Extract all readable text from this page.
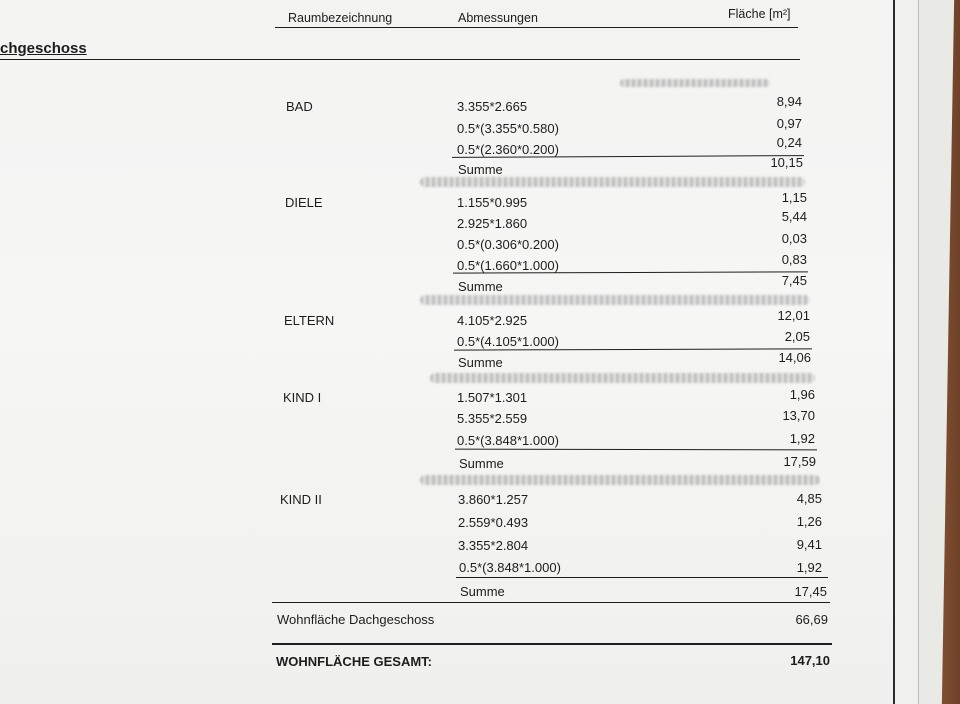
Raumbezeichnung	Abmessungen	Fläche [m²]
chgeschoss
BAD	3.355*2.665	8,94
0.5*(3.355*0.580)	0,97
0.5*(2.360*0.200)	0,24
Summe	10,15
DIELE	1.155*0.995	1,15
2.925*1.860	5,44
0.5*(0.306*0.200)	0,03
0.5*(1.660*1.000)	0,83
Summe	7,45
ELTERN	4.105*2.925	12,01
0.5*(4.105*1.000)	2,05
Summe	14,06
KIND I	1.507*1.301	1,96
5.355*2.559	13,70
0.5*(3.848*1.000)	1,92
Summe	17,59
KIND II	3.860*1.257	4,85
2.559*0.493	1,26
3.355*2.804	9,41
0.5*(3.848*1.000)	1,92
Summe	17,45
Wohnfläche Dachgeschoss	66,69
WOHNFLÄCHE GESAMT:	147,10
